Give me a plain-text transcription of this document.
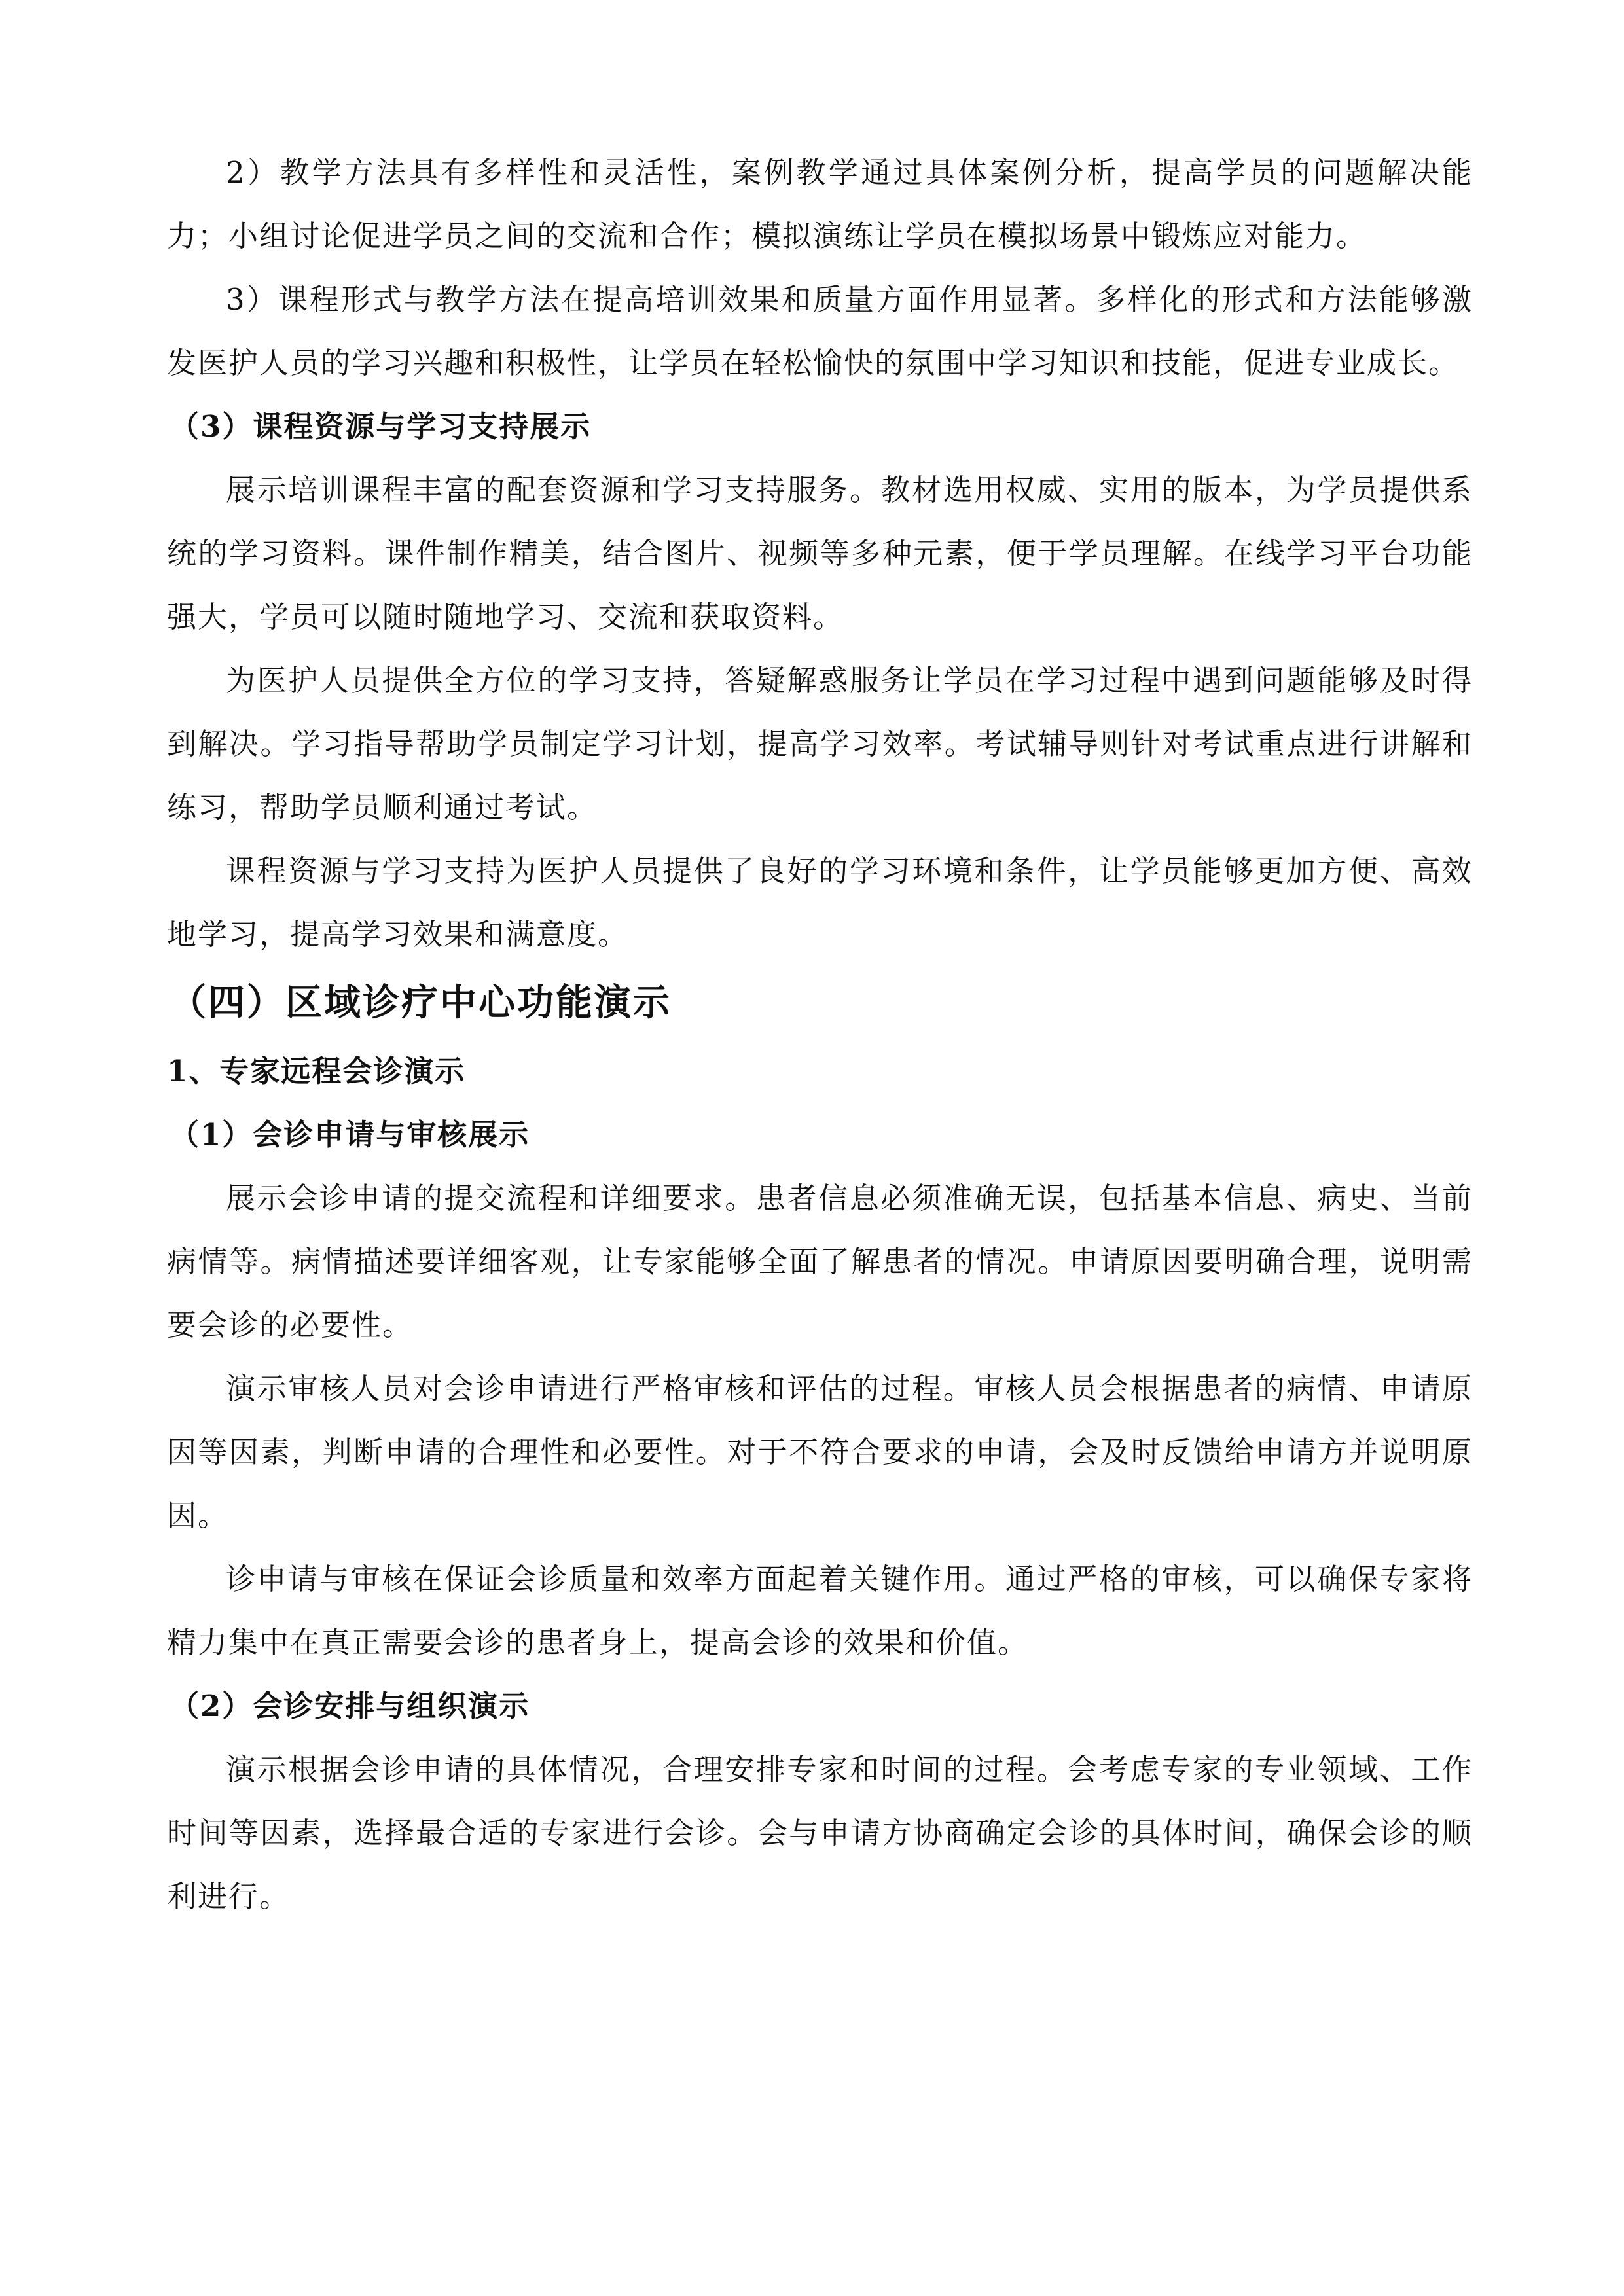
2）教学方法具有多样性和灵活性，案例教学通过具体案例分析，提高学员的问题解决能力；小组讨论促进学员之间的交流和合作；模拟演练让学员在模拟场景中锻炼应对能力。

3）课程形式与教学方法在提高培训效果和质量方面作用显著。多样化的形式和方法能够激发医护人员的学习兴趣和积极性，让学员在轻松愉快的氛围中学习知识和技能，促进专业成长。

（3）课程资源与学习支持展示

展示培训课程丰富的配套资源和学习支持服务。教材选用权威、实用的版本，为学员提供系统的学习资料。课件制作精美，结合图片、视频等多种元素，便于学员理解。在线学习平台功能强大，学员可以随时随地学习、交流和获取资料。

为医护人员提供全方位的学习支持，答疑解惑服务让学员在学习过程中遇到问题能够及时得到解决。学习指导帮助学员制定学习计划，提高学习效率。考试辅导则针对考试重点进行讲解和练习，帮助学员顺利通过考试。

课程资源与学习支持为医护人员提供了良好的学习环境和条件，让学员能够更加方便、高效地学习，提高学习效果和满意度。

（四）区域诊疗中心功能演示
1、专家远程会诊演示
（1）会诊申请与审核展示

展示会诊申请的提交流程和详细要求。患者信息必须准确无误，包括基本信息、病史、当前病情等。病情描述要详细客观，让专家能够全面了解患者的情况。申请原因要明确合理，说明需要会诊的必要性。

演示审核人员对会诊申请进行严格审核和评估的过程。审核人员会根据患者的病情、申请原因等因素，判断申请的合理性和必要性。对于不符合要求的申请，会及时反馈给申请方并说明原因。

诊申请与审核在保证会诊质量和效率方面起着关键作用。通过严格的审核，可以确保专家将精力集中在真正需要会诊的患者身上，提高会诊的效果和价值。

（2）会诊安排与组织演示

演示根据会诊申请的具体情况，合理安排专家和时间的过程。会考虑专家的专业领域、工作时间等因素，选择最合适的专家进行会诊。会与申请方协商确定会诊的具体时间，确保会诊的顺利进行。
